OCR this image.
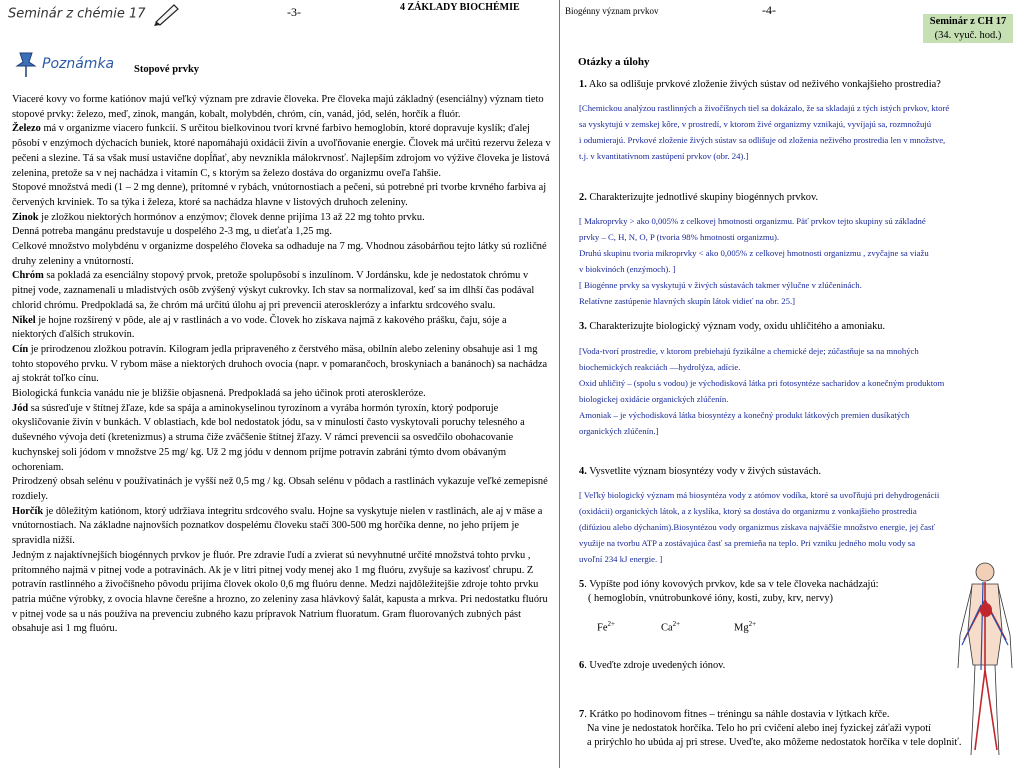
Seminár z chémie 17	-3-	4 ZÁKLADY BIOCHÉMIE
Poznámka Stopové prvky

Viaceré kovy vo forme katiónov majú veľký význam pre zdravie človeka. Pre človeka majú základný (esenciálny) význam tieto stopové prvky: železo, meď, zinok, mangán, kobalt, molybdén, chróm, cín, vanád, jód, selén, horčík a fluór.

Železo má v organizme viacero funkcií. S určitou bielkovinou tvorí krvné farbivo hemoglobín, ktoré dopravuje kyslík; ďalej pôsobí v enzýmoch dýchacích buniek, ktoré napomáhajú oxidácii živín a uvoľňovanie energie. Človek má určitú rezervu železa v pečeni a slezine. Tá sa však musí ustavične dopĺňať, aby nevznikla málokrvnosť. Najlepším zdrojom vo výžive človeka je listová zelenina, pretože sa v nej nachádza i vitamín C, s ktorým sa železo dostáva do organizmu oveľa ľahšie.

Stopové množstvá medi (1 – 2 mg denne), prítomné v rybách, vnútornostiach a pečeni, sú potrebné pri tvorbe krvného farbiva aj červených krviniek. To sa týka i železa, ktoré sa nachádza hlavne v listových druhoch zeleniny.

Zinok je zložkou niektorých hormónov a enzýmov; človek denne prijíma 13 až 22 mg tohto prvku.

Denná potreba mangánu predstavuje u dospelého 2-3 mg, u dieťaťa 1,25 mg.

Celkové množstvo molybdénu v organizme dospelého človeka sa odhaduje na 7 mg. Vhodnou zásobárňou tejto látky sú rozličné druhy zeleniny a vnútorností.

Chróm sa pokladá za esenciálny stopový prvok, pretože spolupôsobí s inzulínom. V Jordánsku, kde je nedostatok chrómu v pitnej vode, zaznamenali u mladistvých osôb zvýšený výskyt cukrovky. Ich stav sa normalizoval, keď sa im dlhší čas podával chlorid chrómu. Predpokladá sa, že chróm má určitú úlohu aj pri prevencii aterosklerózy a infarktu srdcového svalu.

Nikel je hojne rozšírený v pôde, ale aj v rastlinách a vo vode. Človek ho získava najmä z kakového prášku, čaju, sóje a niektorých ďalších strukovín.

Cín je prirodzenou zložkou potravín. Kilogram jedla pripraveného z čerstvého mäsa, obilnín alebo zeleniny obsahuje asi 1 mg tohto stopového prvku. V rybom mäse a niektorých druhoch ovocia (napr. v pomarančoch, broskyniach a banánoch) sa nachádza aj stokrát toľko cínu.

Biologická funkcia vanádu nie je bližšie objasnená. Predpokladá sa jeho účinok proti ateroskleróze.

Jód sa súsreďuje v štítnej žľaze, kde sa spája a aminokyselinou tyrozínom a vyrába hormón tyroxín, ktorý podporuje okysličovanie živín v bunkách. V oblastiach, kde bol nedostatok jódu, sa v minulosti často vyskytovali poruchy telesného a duševného vývoja detí (kretenizmus) a struma čiže zväčšenie štítnej žľazy. V rámci prevencii sa osvedčilo obohacovanie kuchynskej soli jódom v množstve 25 mg/ kg. Už 2 mg jódu v dennom príjme potravín zabráni týmto dvom obávaným ochoreniam.

Prirodzený obsah selénu v používatinách je vyšší než 0,5 mg / kg. Obsah selénu v pôdach a rastlinách vykazuje veľké zemepisné rozdiely.

Horčík je dôležitým katiónom, ktorý udržiava integritu srdcového svalu. Hojne sa vyskytuje nielen v rastlinách, ale aj v mäse a vnútornostiach. Na základne najnovších poznatkov dospelému človeku stačí 300-500 mg horčíka denne, no jeho príjem je spravidla nižší.

Jedným z najaktívnejších biogénnych prvkov je fluór. Pre zdravie ľudí a zvierat sú nevyhnutné určité množstvá tohto prvku , prítomného najmä v pitnej vode a potravinách. Ak je v litri pitnej vody menej ako 1 mg fluóru, zvyšuje sa kazivosť chrupu. Z potravín rastlinného a živočíšneho pôvodu prijíma človek okolo 0,6 mg fluóru denne. Medzi najdôležitejšie zdroje tohto prvku patria múčne výrobky, z ovocia hlavne čerešne a hrozno, zo zeleniny zasa hlávkový šalát, kapusta a mrkva. Pri nedostatku fluóru v pitnej vode sa u nás používa na prevenciu zubného kazu prípravok Natrium fluoratum. Gram fluorovaných zubných pást obsahuje asi 1 mg fluóru.

Biogénny význam prvkov	-4-
Seminár z CH 17
(34. vyuč. hod.)
Otázky a úlohy
1. Ako sa odlišuje prvkové zloženie živých sústav od neživého vonkajšieho prostredia?
[Chemickou analýzou rastlinných a živočíšnych tiel sa dokázalo, že sa skladajú z tých istých prvkov, ktoré
sa vyskytujú v zemskej kôre, v prostredí, v ktorom živé organizmy vznikajú, vyvíjajú sa, rozmnožujú
i odumierajú. Prvkové zloženie živých sústav sa odlišuje od zloženia neživého prostredia len v množstve,
t.j. v kvantitatívnom zastúpení prvkov (obr. 24).]
2. Charakterizujte jednotlivé skupiny biogénnych prvkov.
[ Makroprvky > ako 0,005% z celkovej hmotnosti organizmu. Päť prvkov tejto skupiny sú základné
prvky – C, H, N, O, P (tvoria 98% hmotnosti organizmu).
Druhú skupinu tvoria mikroprvky < ako 0,005% z celkovej hmotnosti organizmu , zvyčajne sa viažu
v biokvinóch (enzýmoch). ]
[ Biogénne prvky sa vyskytujú v živých sústavách takmer výlučne v zlúčeninách.
Relatívne zastúpenie hlavných skupín látok vidieť na obr. 25.]
3. Charakterizujte biologický význam vody, oxidu uhličitého a amoniaku.
[Voda-tvorí prostredie, v ktorom prebiehajú fyzikálne a chemické deje; zúčastňuje sa na mnohých
biochemických reakciách —hydrolýza, adície.
Oxid uhličitý – (spolu s vodou) je východisková látka pri fotosyntéze sacharidov a konečným produktom
biologickej oxidácie organických zlúčenín.
Amoniak – je východisková látka biosyntézy a konečný produkt látkových premien dusíkatých
organických zlúčenín.]
4. Vysvetlite význam biosyntézy vody v živých sústavách.
[ Veľký biologický význam má biosyntéza vody z atómov vodíka, ktoré sa uvoľňujú pri dehydrogenácii
(oxidácii) organických látok, a z kyslíka, ktorý sa dostáva do organizmu z vonkajšieho prostredia
(difúziou alebo dýchaním).Biosyntézou vody organizmus získava najväčšie množstvo energie, jej časť
využije na tvorbu ATP a zostávajúca časť sa premieňa na teplo. Pri vzniku jedného molu vody sa
uvoľní 234 kJ energie. ]
5. Vypíšte pod ióny kovových prvkov, kde sa v tele človeka nachádzajú:
( hemoglobín, vnútrobunkové ióny, kosti, zuby, krv, nervy)
$Fe^{2+}$	$Ca^{2+}$	$Mg^{2+}$
6. Uveďte zdroje uvedených iónov.
7. Krátko po hodinovom fitnes – tréningu sa náhle dostavia v lýtkach kŕče.
Na vine je nedostatok horčíka. Telo ho pri cvičení alebo inej fyzickej záťaži vypotí
a prirýchlo ho ubúda aj pri strese. Uveďte, ako môžeme nedostatok horčíka v tele doplniť.
